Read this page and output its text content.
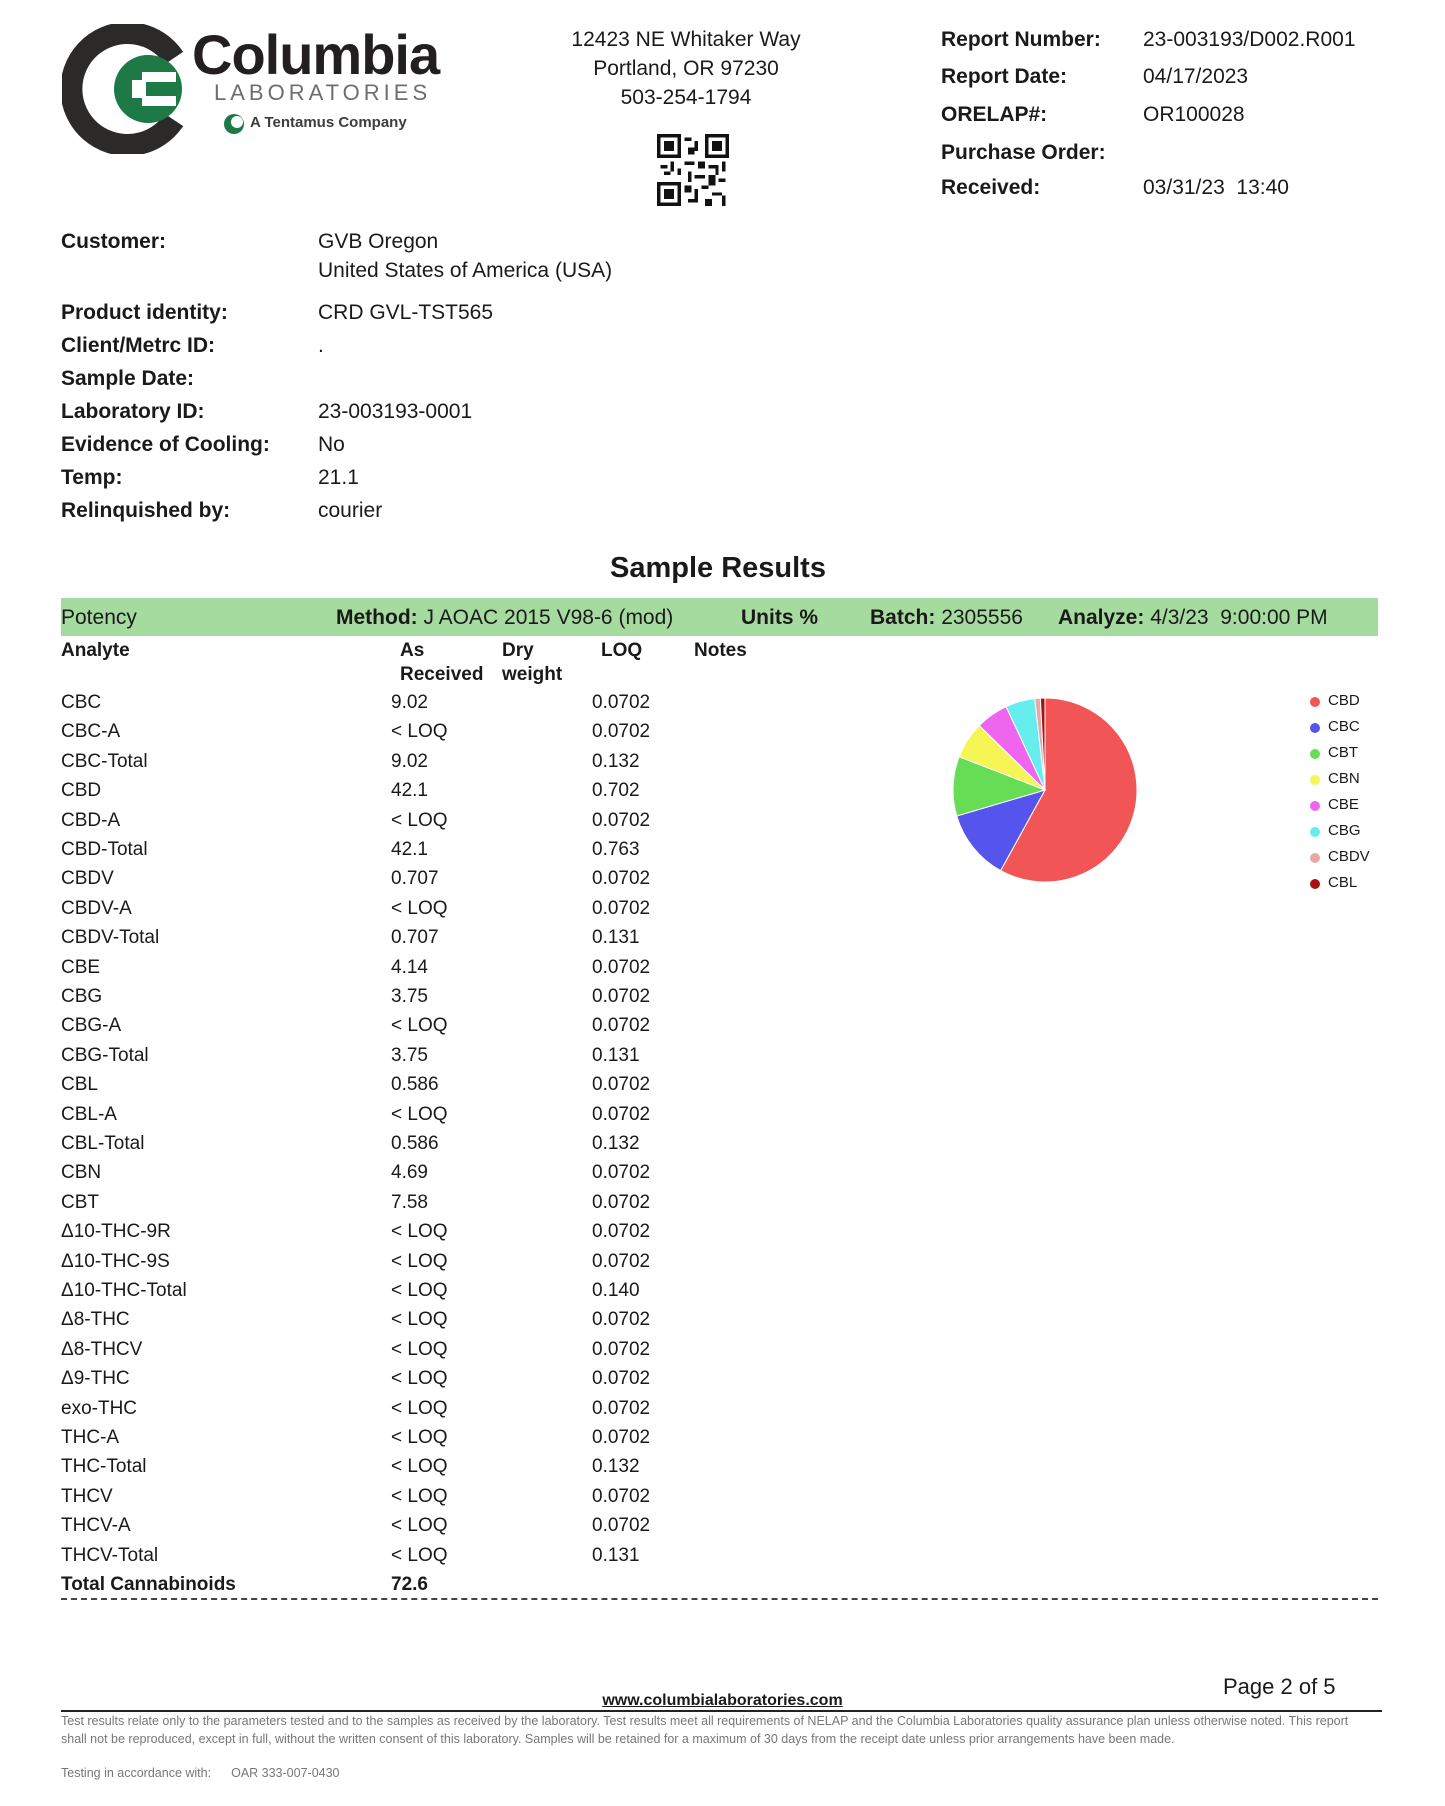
Columbia
LABORATORIES
A Tentamus Company
12423 NE Whitaker Way
Portland, OR 97230
503-254-1794
Report Number: 23-003193/D002.R001
Report Date:	04/17/2023
ORELAP#:	OR100028
Purchase Order:
Received:	03/31/23  13:40
Customer:	GVB Oregon
United States of America (USA)
Product identity:	CRD GVL-TST565
Client/Metrc ID:	.
Sample Date:
Laboratory ID:	23-003193-0001
Evidence of Cooling: No
Temp:	21.1
Relinquished by:	courier
Sample Results
Potency	Method: J AOAC 2015 V98-6 (mod)	Units % Batch: 2305556 Analyze: 4/3/23  9:00:00 PM
Analyte	As
Received
Dry
weight
LOQ	Notes
CBC	9.02	0.0702
CBC-A	< LOQ	0.0702
CBC-Total	9.02	0.132
CBD	42.1	0.702
CBD-A	< LOQ	0.0702
CBD-Total	42.1	0.763
CBDV	0.707	0.0702
CBDV-A	< LOQ	0.0702
CBDV-Total	0.707	0.131
CBE	4.14	0.0702
CBG	3.75	0.0702
CBG-A	< LOQ	0.0702
CBG-Total	3.75	0.131
CBL	0.586	0.0702
CBL-A	< LOQ	0.0702
CBL-Total	0.586	0.132
CBN	4.69	0.0702
CBT	7.58	0.0702
Δ10-THC-9R	< LOQ	0.0702
Δ10-THC-9S	< LOQ	0.0702
Δ10-THC-Total	< LOQ	0.140
Δ8-THC	< LOQ	0.0702
Δ8-THCV	< LOQ	0.0702
Δ9-THC	< LOQ	0.0702
exo-THC	< LOQ	0.0702
THC-A	< LOQ	0.0702
THC-Total	< LOQ	0.132
THCV	< LOQ	0.0702
THCV-A	< LOQ	0.0702
THCV-Total	< LOQ	0.131
Total Cannabinoids	72.6
CBD
CBC
CBT
CBN
CBE
CBG
CBDV
CBL
Page 2 of 5
www.columbialaboratories.com
Test results relate only to the parameters tested and to the samples as received by the laboratory. Test results meet all requirements of NELAP and the Columbia Laboratories quality assurance plan unless otherwise noted. This report shall not be reproduced, except in full, without the written consent of this laboratory. Samples will be retained for a maximum of 30 days from the receipt date unless prior arrangements have been made.
Testing in accordance with: OAR 333-007-0430
